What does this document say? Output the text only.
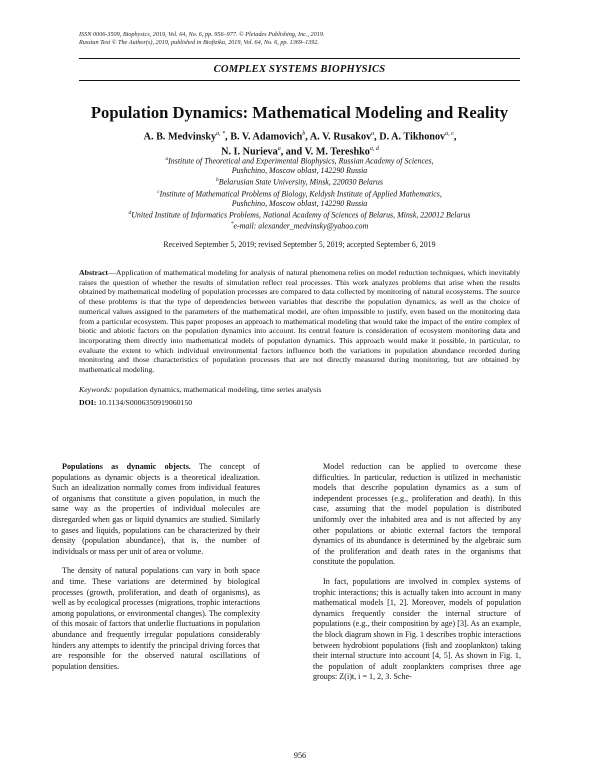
ISSN 0006-3509, Biophysics, 2019, Vol. 64, No. 6, pp. 956–977. © Pleiades Publishing, Inc., 2019.
Russian Text © The Author(s), 2019, published in Biofizika, 2019, Vol. 64, No. 6, pp. 1369–1392.
COMPLEX SYSTEMS BIOPHYSICS
Population Dynamics: Mathematical Modeling and Reality
A. B. Medvinsky$^{a, *}$, B. V. Adamovich$^b$, A. V. Rusakov$^a$, D. A. Tikhonov$^{a, c}$,
N. I. Nurieva$^a$, and V. M. Tereshko$^{a, d}$
$^a$Institute of Theoretical and Experimental Biophysics, Russian Academy of Sciences,
Pushchino, Moscow oblast, 142290 Russia
$^b$Belarusian State University, Minsk, 220030 Belarus
$^c$Institute of Mathematical Problems of Biology, Keldysh Institute of Applied Mathematics,
Pushchino, Moscow oblast, 142290 Russia
$^d$United Institute of Informatics Problems, National Academy of Sciences of Belarus, Minsk, 220012 Belarus
*e-mail: alexander_medvinsky@yahoo.com
Received September 5, 2019; revised September 5, 2019; accepted September 6, 2019
Abstract—Application of mathematical modeling for analysis of natural phenomena relies on model reduction techniques, which inevitably raises the question of whether the results of simulation reflect real processes. This work analyzes problems that arise when the results obtained by mathematical modeling of population processes are compared to data collected by monitoring of natural ecosystems. The source of these problems is that the type of dependencies between variables that describe the population dynamics, as well as the choice of numerical values assigned to the parameters of the mathematical model, are often impossible to justify, even based on the monitoring data from a particular ecosystem. This paper proposes an approach to mathematical modeling that would take the impact of the entire complex of biotic and abiotic factors on the population dynamics into account. Its central feature is consideration of ecosystem monitoring data and incorporating them directly into mathematical models of population dynamics. This approach would make it possible, in particular, to evaluate the extent to which individual environmental factors influence both the variations in population abundance recorded during monitoring and those characteristics of population processes that are not directly measured during monitoring, but are obtained by mathematical modeling.
Keywords: population dynamics, mathematical modeling, time series analysis
DOI: 10.1134/S0006350919060150

Populations as dynamic objects. The concept of populations as dynamic objects is a theoretical idealization. Such an idealization normally comes from individual features of organisms that constitute a given population, in much the same way as the properties of individual molecules are disregarded when gas or liquid dynamics are studied. Similarly to gases and liquids, populations can be characterized by their density (population abundance), that is, the number of individuals or mass per unit of area or volume.

The density of natural populations can vary in both space and time. These variations are determined by biological processes (growth, proliferation, and death of organisms), as well as by ecological processes (migrations, trophic interactions among populations, or environmental changes). The complexity of this mosaic of factors that underlie fluctuations in population abundance and frequently irregular populations considerably hinders any attempts to identify the principal driving forces that are responsible for the observed natural oscillations of population densities.

Model reduction can be applied to overcome these difficulties. In particular, reduction is utilized in mechanistic models that describe population dynamics as a sum of independent processes (e.g., proliferation and death). In this case, assuming that the model population is distributed uniformly over the inhabited area and is not affected by any other populations or abiotic external factors the temporal dynamics of its abundance is determined by the algebraic sum of the proliferation and death rates in the organisms that constitute the population.

In fact, populations are involved in complex systems of trophic interactions; this is actually taken into account in many mathematical models [1, 2]. Moreover, models of population dynamics frequently consider the internal structure of populations (e.g., their composition by age) [3]. As an example, the block diagram shown in Fig. 1 describes trophic interactions between hydrobiont populations (fish and zooplankton) taking their internal structure into account [4, 5]. As shown in Fig. 1, the population of adult zooplankters comprises three age groups: Z(i)t, i = 1, 2, 3. Sche-

956
